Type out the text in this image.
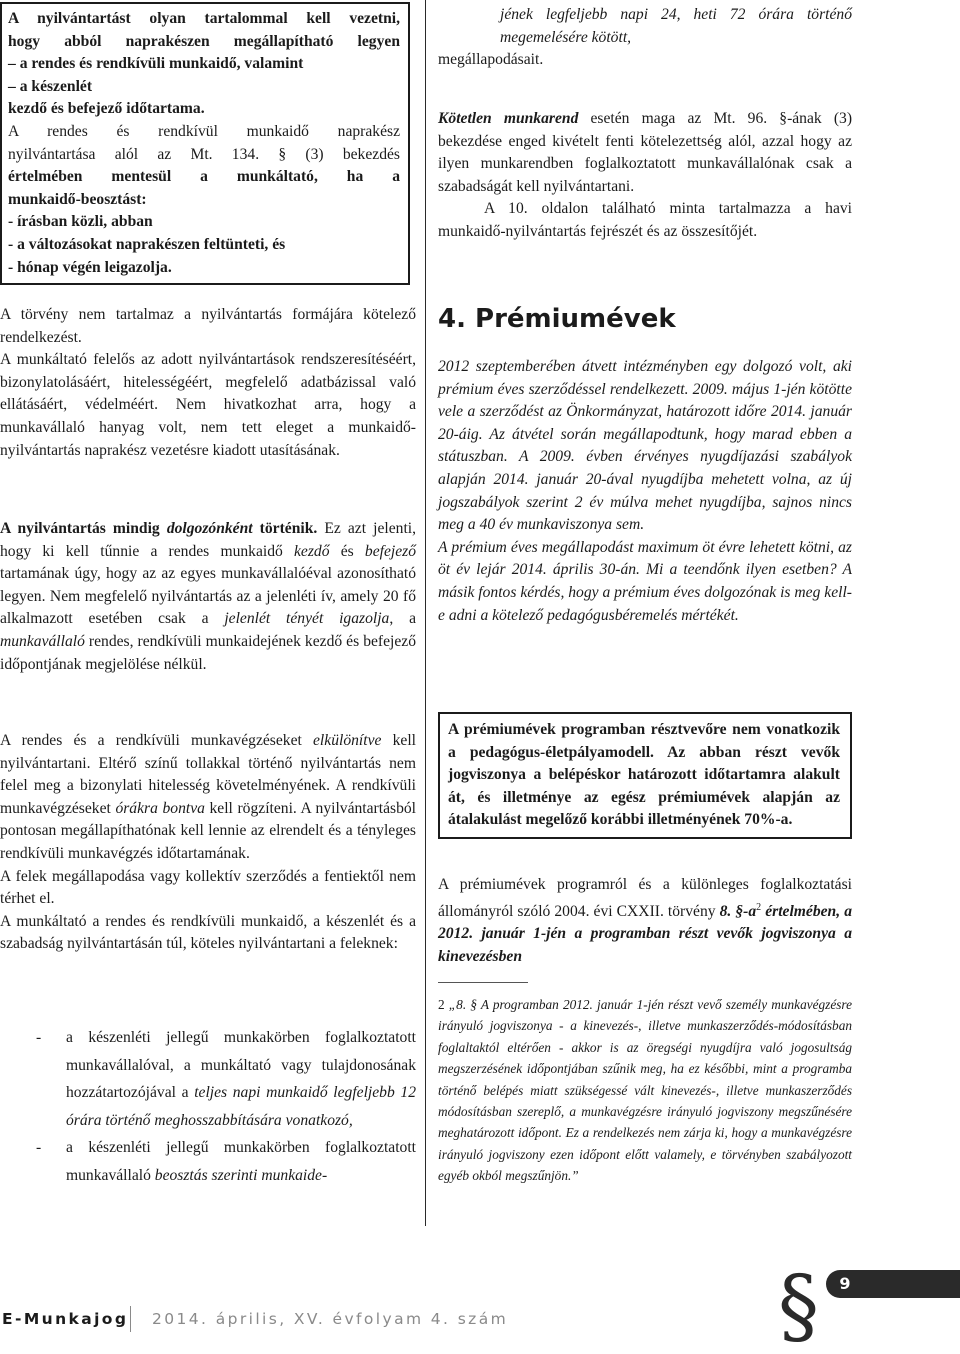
A nyilvántartást olyan tartalommal kell vezetni,
hogy abból naprakészen megállapítható legyen
– a rendes és rendkívüli munkaidő, valamint
– a készenlét
kezdő és befejező időtartama.
A rendes és rendkívül munkaidő naprakész
nyilvántartása alól az Mt. 134. § (3) bekezdés
értelmében mentesül a munkáltató, ha a
munkaidő-beosztást:
- írásban közli, abban
- a változásokat naprakészen feltünteti, és
- hónap végén leigazolja.

A törvény nem tartalmaz a nyilvántartás formájára kötelező rendelkezést.

A munkáltató felelős az adott nyilvántartások rendszeresítéséért, bizonylatolásáért, hitelességéért, megfelelő adatbázissal való ellátásáért, védelméért. Nem hivatkozhat arra, hogy a munkavállaló hanyag volt, nem tett eleget a munkaidő-nyilvántartás naprakész vezetésre kiadott utasításának.

A nyilvántartás mindig dolgozónként történik. Ez azt jelenti, hogy ki kell tűnnie a rendes munkaidő kezdő és befejező tartamának úgy, hogy az az egyes munkavállalóéval azonosítható legyen. Nem megfelelő nyilvántartás az a jelenléti ív, amely 20 fő alkalmazott esetében csak a jelenlét tényét igazolja, a munkavállaló rendes, rendkívüli munkaidejének kezdő és befejező időpontjának megjelölése nélkül.

A rendes és a rendkívüli munkavégzéseket elkülönítve kell nyilvántartani. Eltérő színű tollakkal történő nyilvántartás nem felel meg a bizonylati hitelesség követelményének. A rendkívüli munkavégzéseket órákra bontva kell rögzíteni. A nyilvántartásból pontosan megállapíthatónak kell lennie az elrendelt és a tényleges rendkívüli munkavégzés időtartamának.

A felek megállapodása vagy kollektív szerződés a fentiektől nem térhet el.

A munkáltató a rendes és rendkívüli munkaidő, a készenlét és a szabadság nyilvántartásán túl, köteles nyilvántartani a feleknek:

- a készenléti jellegű munkakörben foglalkoztatott munkavállalóval, a munkáltató vagy tulajdonosának hozzátartozójával a teljes napi munkaidő legfeljebb 12 órára történő meghosszabbítására vonatkozó,
- a készenléti jellegű munkakörben foglalkoztatott munkavállaló beosztás szerinti munkaide-

jének legfeljebb napi 24, heti 72 órára történő megemelésére kötött,

megállapodásait.

Kötetlen munkarend esetén maga az Mt. 96. §-ának (3) bekezdése enged kivételt fenti kötelezettség alól, azzal hogy az ilyen munkarendben foglalkoztatott munkavállalónak csak a szabadságát kell nyilvántartani.

A 10. oldalon található minta tartalmazza a havi munkaidő-nyilvántartás fejrészét és az összesítőjét.

4. Prémiumévek

2012 szeptemberében átvett intézményben egy dolgozó volt, aki prémium éves szerződéssel rendelkezett. 2009. május 1-jén kötötte vele a szerződést az Önkormányzat, határozott időre 2014. január 20-áig. Az átvétel során megállapodtunk, hogy marad ebben a státuszban. A 2009. évben érvényes nyugdíjazási szabályok alapján 2014. január 20-ával nyugdíjba mehetett volna, az új jogszabályok szerint 2 év múlva mehet nyugdíjba, sajnos nincs meg a 40 év munkaviszonya sem.

A prémium éves megállapodást maximum öt évre lehetett kötni, az öt év lejár 2014. április 30-án. Mi a teendőnk ilyen esetben? A másik fontos kérdés, hogy a prémium éves dolgozónak is meg kell-e adni a kötelező pedagógusbéremelés mértékét.

A prémiumévek programban résztvevőre nem vonatkozik a pedagógus-életpályamodell. Az abban részt vevők jogviszonya a belépéskor határozott időtartamra alakult át, és illetménye az egész prémiumévek alapján az átalakulást megelőző korábbi illetményének 70%-a.

A prémiumévek programról és a különleges foglalkoztatási állományról szóló 2004. évi CXXII. törvény 8. $\S-a^2$ értelmében, a 2012. január 1-jén a programban részt vevők jogviszonya a kinevezésben

2 „8. § A programban 2012. január 1-jén részt vevő személy munkavégzésre irányuló jogviszonya - a kinevezés-, illetve munkaszerződés-módosításban foglaltaktól eltérően - akkor is az öregségi nyugdíjra való jogosultság megszerzésének időpontjában szűnik meg, ha ez későbbi, mint a programba történő belépés miatt szükségessé vált kinevezés-, illetve munkaszerződés módosításban szereplő, a munkavégzésre irányuló jogviszony megszűnésére meghatározott időpont. Ez a rendelkezés nem zárja ki, hogy a munkavégzésre irányuló jogviszony ezen időpont előtt valamely, e törvényben szabályozott egyéb okból megszűnjön.”

E-Munkajog 2014. április, XV. évfolyam 4. szám	§	9
